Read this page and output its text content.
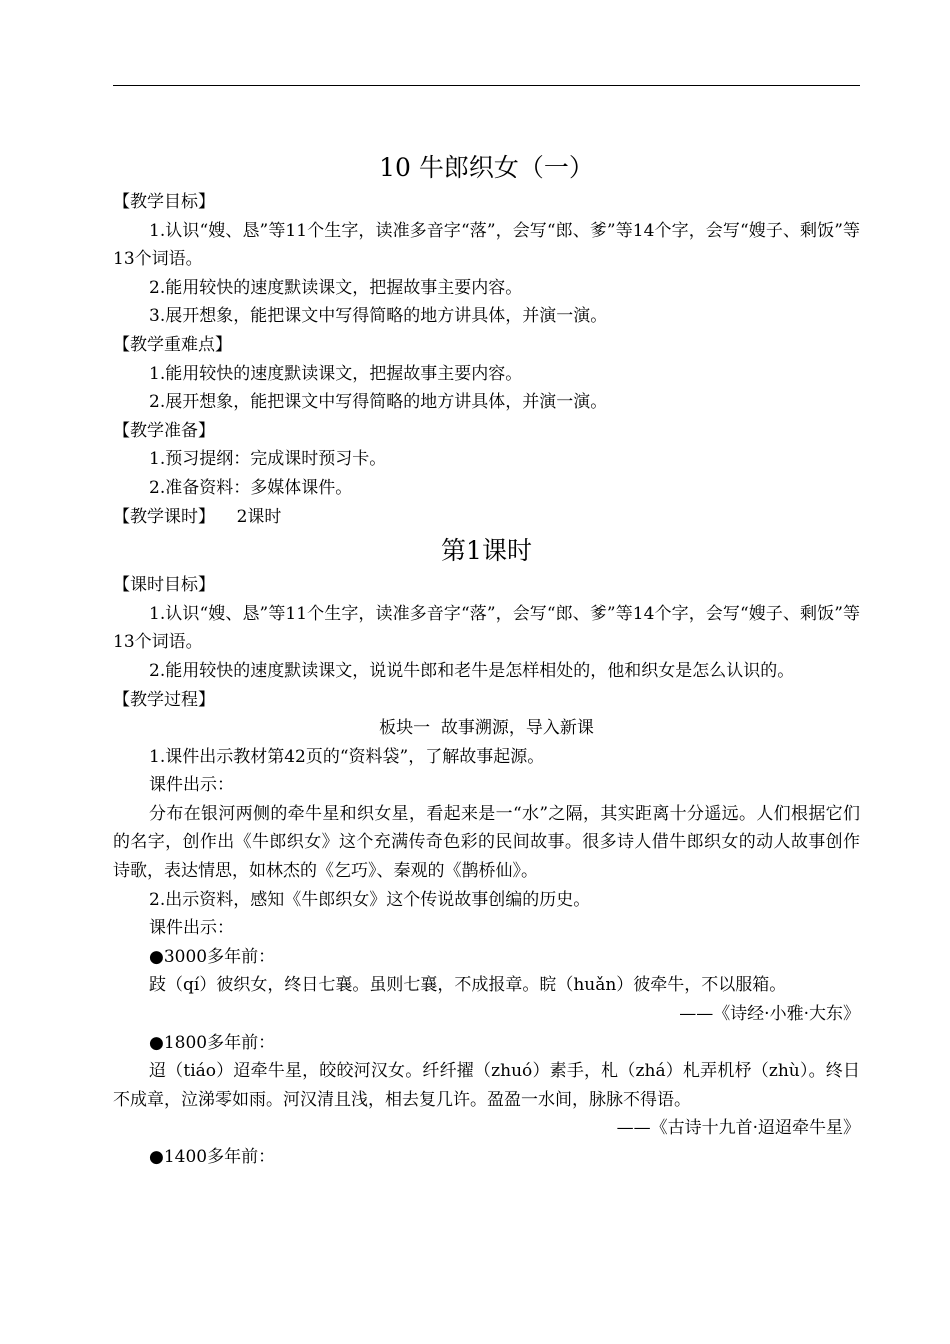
10 牛郎织女（一）
【教学目标】
1.认识“嫂、恳”等11个生字，读准多音字“落”，会写“郎、爹”等14个字，会写“嫂子、剩饭”等13个词语。
2.能用较快的速度默读课文，把握故事主要内容。
3.展开想象，能把课文中写得简略的地方讲具体，并演一演。
【教学重难点】
1.能用较快的速度默读课文，把握故事主要内容。
2.展开想象，能把课文中写得简略的地方讲具体，并演一演。
【教学准备】
1.预习提纲：完成课时预习卡。
2.准备资料：多媒体课件。
【教学课时】    2课时
第1课时
【课时目标】
1.认识“嫂、恳”等11个生字，读准多音字“落”，会写“郎、爹”等14个字，会写“嫂子、剩饭”等13个词语。
2.能用较快的速度默读课文，说说牛郎和老牛是怎样相处的，他和织女是怎么认识的。
【教学过程】
板块一  故事溯源，导入新课
1.课件出示教材第42页的“资料袋”，了解故事起源。
课件出示：
分布在银河两侧的牵牛星和织女星，看起来是一“水”之隔，其实距离十分遥远。人们根据它们的名字，创作出《牛郎织女》这个充满传奇色彩的民间故事。很多诗人借牛郎织女的动人故事创作诗歌，表达情思，如林杰的《乞巧》、秦观的《鹊桥仙》。
2.出示资料，感知《牛郎织女》这个传说故事创编的历史。
课件出示：
●3000多年前：
跂（qí）彼织女，终日七襄。虽则七襄，不成报章。睆（huǎn）彼牵牛，不以服箱。
——《诗经·小雅·大东》
●1800多年前：
迢（tiáo）迢牵牛星，皎皎河汉女。纤纤擢（zhuó）素手，札（zhá）札弄机杼（zhù）。终日不成章，泣涕零如雨。河汉清且浅，相去复几许。盈盈一水间，脉脉不得语。
——《古诗十九首·迢迢牵牛星》
●1400多年前：
